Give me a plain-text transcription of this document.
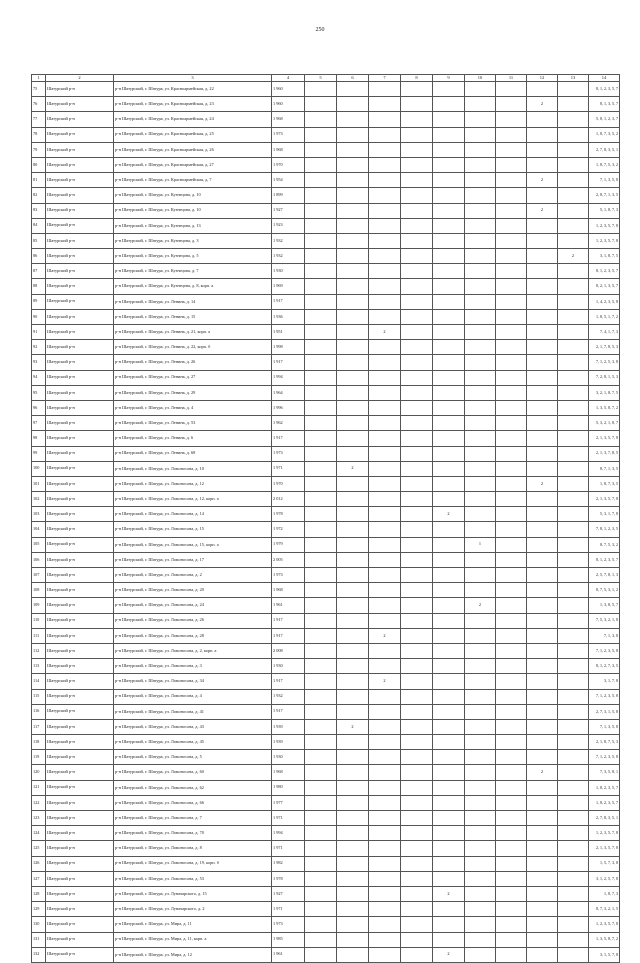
250
1	2	3	4	5	6	7	8	9	10	11	12	13	14
75	Шатурский р-н	р-н Шатурский, г. Шатура, ул. Красноармейская, д. 22	1 960										8, 1, 2, 3, 5, 7
76	Шатурский р-н	р-н Шатурский, г. Шатура, ул. Красноармейская, д. 23	1 960								2		8, 1, 3, 5, 7
77	Шатурский р-н	р-н Шатурский, г. Шатура, ул. Красноармейская, д. 24	1 968										5, 8, 1, 2, 3, 7
78	Шатурский р-н	р-н Шатурский, г. Шатура, ул. Красноармейская, д. 25	1 973										1, 8, 7, 3, 5, 2
79	Шатурский р-н	р-н Шатурский, г. Шатура, ул. Красноармейская, д. 26	1 968										2, 7, 8, 3, 5, 1
80	Шатурский р-н	р-н Шатурский, г. Шатура, ул. Красноармейская, д. 27	1 970										1, 8, 7, 5, 3, 2
81	Шатурский р-н	р-н Шатурский, г. Шатура, ул. Красноармейская, д. 7	1 954								2		7, 1, 3, 5, 8
82	Шатурский р-н	р-н Шатурский, г. Шатура, ул. Кузнецова, д. 10	1 899										2, 8, 7, 1, 3, 5
83	Шатурский р-н	р-н Шатурский, г. Шатура, ул. Кузнецова, д. 10	1 927								2		5, 1, 8, 7, 3
84	Шатурский р-н	р-н Шатурский, г. Шатура, ул. Кузнецова, д. 13	1 923										1, 2, 3, 5, 7, 8
85	Шатурский р-н	р-н Шатурский, г. Шатура, ул. Кузнецова, д. 3	1 932										1, 2, 3, 5, 7, 8
86	Шатурский р-н	р-н Шатурский, г. Шатура, ул. Кузнецова, д. 5	1 932									2	3, 1, 8, 7, 5
87	Шатурский р-н	р-н Шатурский, г. Шатура, ул. Кузнецова, д. 7	1 930										8, 1, 2, 3, 5, 7
88	Шатурский р-н	р-н Шатурский, г. Шатура, ул. Кузнецова, д. 8, корп. а	1 969										8, 2, 1, 3, 5, 7
89	Шатурский р-н	р-н Шатурский, г. Шатура, ул. Ленина, д. 14	1 917										1, 4, 2, 3, 5, 8
90	Шатурский р-н	р-н Шатурский, г. Шатура, ул. Ленина, д. 15	1 936										1, 8, 5, 1, 7, 2
91	Шатурский р-н	р-н Шатурский, г. Шатура, ул. Ленина, д. 21, корп. а	1 951			2							7, 4, 1, 7, 3
92	Шатурский р-н	р-н Шатурский, г. Шатура, ул. Ленина, д. 22, корп. б	1 998										2, 1, 7, 8, 5, 3
93	Шатурский р-н	р-н Шатурский, г. Шатура, ул. Ленина, д. 26	1 917										7, 1, 2, 5, 3, 8
94	Шатурский р-н	р-н Шатурский, г. Шатура, ул. Ленина, д. 27	1 994										7, 2, 8, 1, 5, 3
95	Шатурский р-н	р-н Шатурский, г. Шатура, ул. Ленина, д. 29	1 964										3, 2, 1, 8, 7, 5
96	Шатурский р-н	р-н Шатурский, г. Шатура, ул. Ленина, д. 4	1 996										1, 3, 5, 8, 7, 2
97	Шатурский р-н	р-н Шатурский, г. Шатура, ул. Ленина, д. 53	1 962										5, 3, 2, 1, 8, 7
98	Шатурский р-н	р-н Шатурский, г. Шатура, ул. Ленина, д. 6	1 917										2, 1, 3, 5, 7, 8
99	Шатурский р-н	р-н Шатурский, г. Шатура, ул. Ленина, д. 68	1 973										2, 1, 3, 7, 8, 5
100	Шатурский р-н	р-н Шатурский, г. Шатура, ул. Ломоносова, д. 10	1 971		2								8, 7, 1, 3, 5
101	Шатурский р-н	р-н Шатурский, г. Шатура, ул. Ломоносова, д. 12	1 970								2		1, 8, 7, 3, 5
102	Шатурский р-н	р-н Шатурский, г. Шатура, ул. Ломоносова, д. 12, корп. а	2 012										2, 1, 3, 5, 7, 8
103	Шатурский р-н	р-н Шатурский, г. Шатура, ул. Ломоносова, д. 14	1 978					2					5, 3, 1, 7, 8
104	Шатурский р-н	р-н Шатурский, г. Шатура, ул. Ломоносова, д. 15	1 972										7, 8, 1, 2, 3, 5
105	Шатурский р-н	р-н Шатурский, г. Шатура, ул. Ломоносова, д. 15, корп. а	1 979						1				8, 7, 5, 3, 2
106	Шатурский р-н	р-н Шатурский, г. Шатура, ул. Ломоносова, д. 17	2 005										8, 1, 2, 3, 5, 7
107	Шатурский р-н	р-н Шатурский, г. Шатура, ул. Ломоносова, д. 2	1 973										2, 5, 7, 8, 1, 3
108	Шатурский р-н	р-н Шатурский, г. Шатура, ул. Ломоносова, д. 20	1 968										8, 7, 5, 3, 1, 2
109	Шатурский р-н	р-н Шатурский, г. Шатура, ул. Ломоносова, д. 24	1 961						2				1, 3, 8, 5, 7
110	Шатурский р-н	р-н Шатурский, г. Шатура, ул. Ломоносова, д. 26	1 917										7, 5, 3, 2, 1, 8
111	Шатурский р-н	р-н Шатурский, г. Шатура, ул. Ломоносова, д. 28	1 917			2							7, 1, 3, 8
112	Шатурский р-н	р-н Шатурский, г. Шатура, ул. Ломоносова, д. 2, корп. а	2 008										7, 1, 2, 3, 5, 8
113	Шатурский р-н	р-н Шатурский, г. Шатура, ул. Ломоносова, д. 3	1 930										8, 1, 2, 7, 3, 5
114	Шатурский р-н	р-н Шатурский, г. Шатура, ул. Ломоносова, д. 34	1 917			2							3, 1, 7, 8
115	Шатурский р-н	р-н Шатурский, г. Шатура, ул. Ломоносова, д. 4	1 932										7, 1, 2, 3, 5, 8
116	Шатурский р-н	р-н Шатурский, г. Шатура, ул. Ломоносова, д. 41	1 917										2, 7, 3, 1, 5, 8
117	Шатурский р-н	р-н Шатурский, г. Шатура, ул. Ломоносова, д. 43	1 939		2								7, 1, 3, 5, 8
118	Шатурский р-н	р-н Шатурский, г. Шатура, ул. Ломоносова, д. 45	1 939										2, 1, 8, 7, 5, 3
119	Шатурский р-н	р-н Шатурский, г. Шатура, ул. Ломоносова, д. 5	1 930										7, 1, 2, 3, 5, 8
120	Шатурский р-н	р-н Шатурский, г. Шатура, ул. Ломоносова, д. 60	1 968								2		7, 3, 5, 8, 1
121	Шатурский р-н	р-н Шатурский, г. Шатура, ул. Ломоносова, д. 62	1 980										1, 8, 2, 3, 5, 7
122	Шатурский р-н	р-н Шатурский, г. Шатура, ул. Ломоносова, д. 66	1 977										1, 8, 2, 3, 5, 7
123	Шатурский р-н	р-н Шатурский, г. Шатура, ул. Ломоносова, д. 7	1 971										2, 7, 8, 3, 5, 1
124	Шатурский р-н	р-н Шатурский, г. Шатура, ул. Ломоносова, д. 70	1 994										1, 2, 3, 5, 7, 8
125	Шатурский р-н	р-н Шатурский, г. Шатура, ул. Ломоносова, д. 8	1 971										2, 1, 3, 5, 7, 8
126	Шатурский р-н	р-н Шатурский, г. Шатура, ул. Ломоносова, д. 19, корп. б	1 982										1, 5, 7, 3, 8
127	Шатурский р-н	р-н Шатурский, г. Шатура, ул. Ломоносова, д. 53	1 978										3, 1, 2, 5, 7, 8
128	Шатурский р-н	р-н Шатурский, г. Шатура, ул. Луначарского, д. 15	1 927					2					1, 8, 7, 3
129	Шатурский р-н	р-н Шатурский, г. Шатура, ул. Луначарского, д. 2	1 971										8, 7, 3, 2, 1, 5
130	Шатурский р-н	р-н Шатурский, г. Шатура, ул. Мира, д. 11	1 973										1, 2, 3, 5, 7, 8
131	Шатурский р-н	р-н Шатурский, г. Шатура, ул. Мира, д. 11, корп. а	1 985										1, 3, 5, 8, 7, 2
132	Шатурский р-н	р-н Шатурский, г. Шатура, ул. Мира, д. 12	1 961					2					3, 1, 5, 7, 8
